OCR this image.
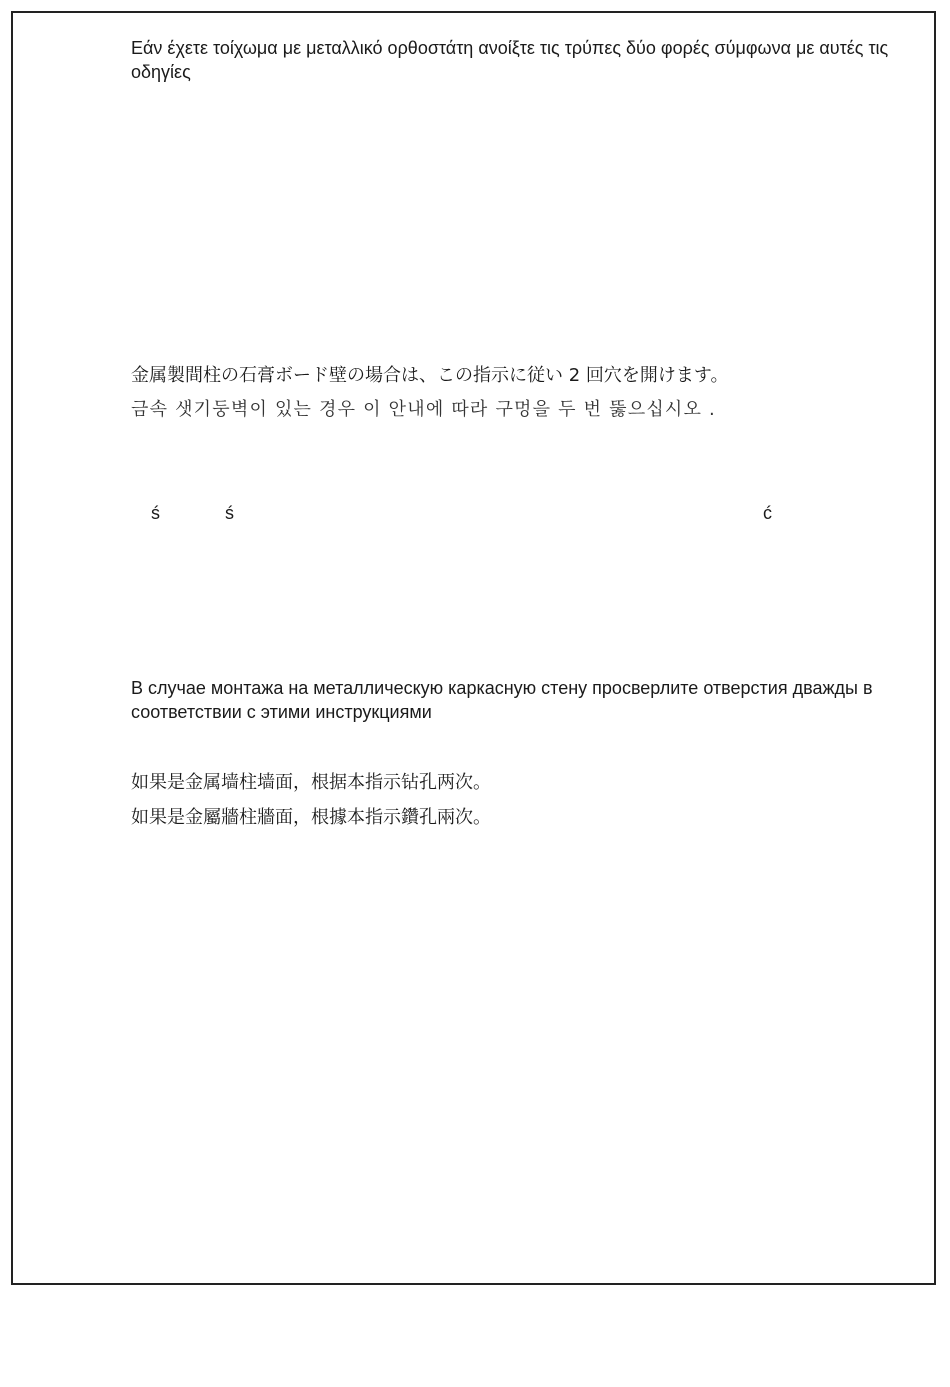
Εάν έχετε τοίχωμα με μεταλλικό ορθοστάτη ανοίξτε τις τρύπες δύο φορές σύμφωνα με αυτές τις οδηγίες

金属製間柱の石膏ボード壁の場合は、この指示に従い 2 回穴を開けます。

금속 샛기둥벽이 있는 경우 이 안내에 따라 구멍을 두 번 뚫으십시오 .

ś	ś	ć

В случае монтажа на металлическую каркасную стену просверлите отверстия дважды в соответствии с этими инструкциями

如果是金属墙柱墙面，根据本指示钻孔两次。

如果是金屬牆柱牆面，根據本指示鑽孔兩次。
